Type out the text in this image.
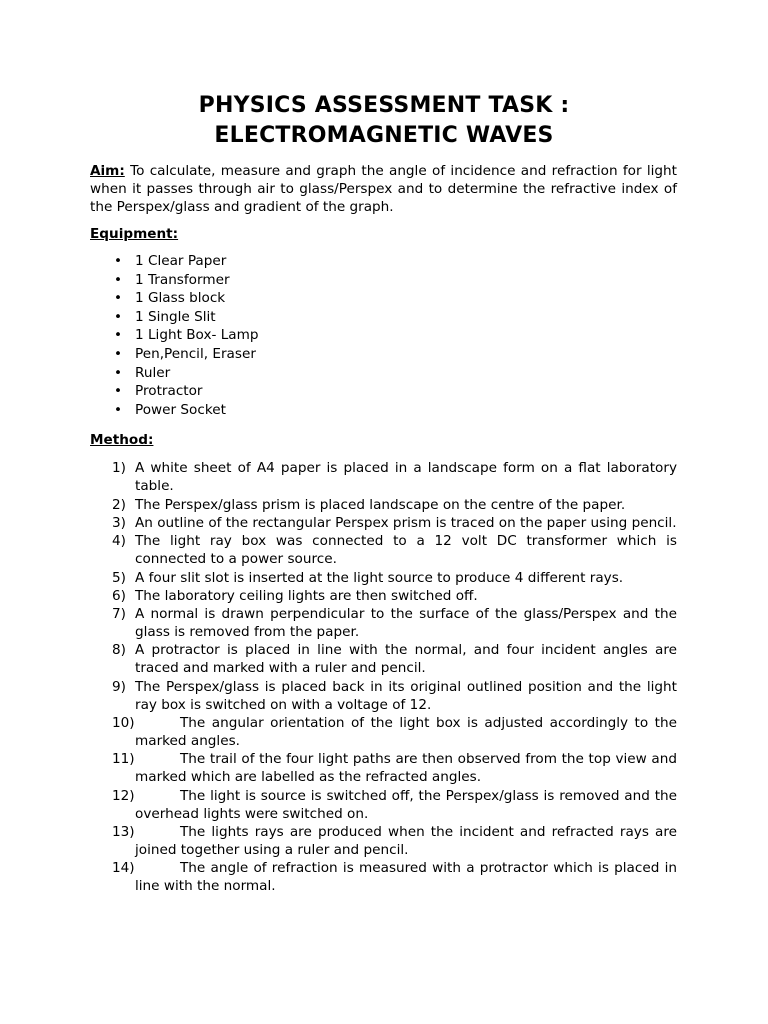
PHYSICS ASSESSMENT TASK :
ELECTROMAGNETIC WAVES

Aim: To calculate, measure and graph the angle of incidence and refraction for light when it passes through air to glass/Perspex and to determine the refractive index of the Perspex/glass and gradient of the graph.

Equipment:

• 1 Clear Paper
• 1 Transformer
• 1 Glass block
• 1 Single Slit
• 1 Light Box- Lamp
• Pen,Pencil, Eraser
• Ruler
• Protractor
• Power Socket

Method:

1) A white sheet of A4 paper is placed in a landscape form on a flat laboratory table.
2) The Perspex/glass prism is placed landscape on the centre of the paper.
3) An outline of the rectangular Perspex prism is traced on the paper using pencil.
4) The light ray box was connected to a 12 volt DC transformer which is connected to a power source.
5) A four slit slot is inserted at the light source to produce 4 different rays.
6) The laboratory ceiling lights are then switched off.
7) A normal is drawn perpendicular to the surface of the glass/Perspex and the glass is removed from the paper.
8) A protractor is placed in line with the normal, and four incident angles are traced and marked with a ruler and pencil.
9) The Perspex/glass is placed back in its original outlined position and the light ray box is switched on with a voltage of 12.
10)	The angular orientation of the light box is adjusted accordingly to the marked angles.
11)	The trail of the four light paths are then observed from the top view and marked which are labelled as the refracted angles.
12)	The light is source is switched off, the Perspex/glass is removed and the overhead lights were switched on.
13)	The lights rays are produced when the incident and refracted rays are joined together using a ruler and pencil.
14)	The angle of refraction is measured with a protractor which is placed in line with the normal.
